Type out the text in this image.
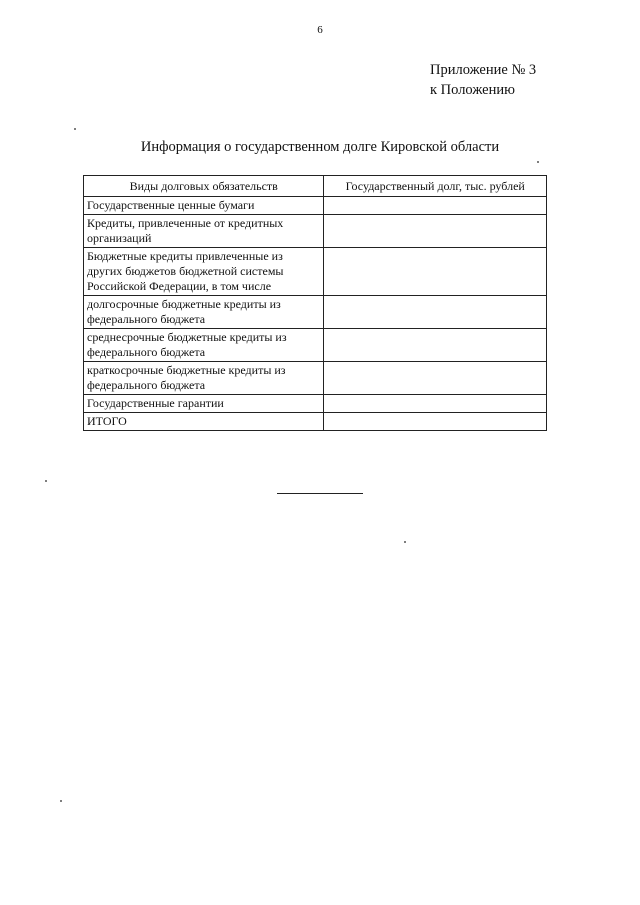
6
Приложение № 3
к Положению
Информация о государственном долге Кировской области
Виды долговых обязательств	Государственный долг, тыс. рублей
Государственные ценные бумаги	
Кредиты, привлеченные от кредитных организаций	
Бюджетные кредиты привлеченные из других бюджетов бюджетной системы Российской Федерации, в том числе	
долгосрочные бюджетные кредиты из федерального бюджета	
среднесрочные бюджетные кредиты из федерального бюджета	
краткосрочные бюджетные кредиты из федерального бюджета	
Государственные гарантии	
ИТОГО	
